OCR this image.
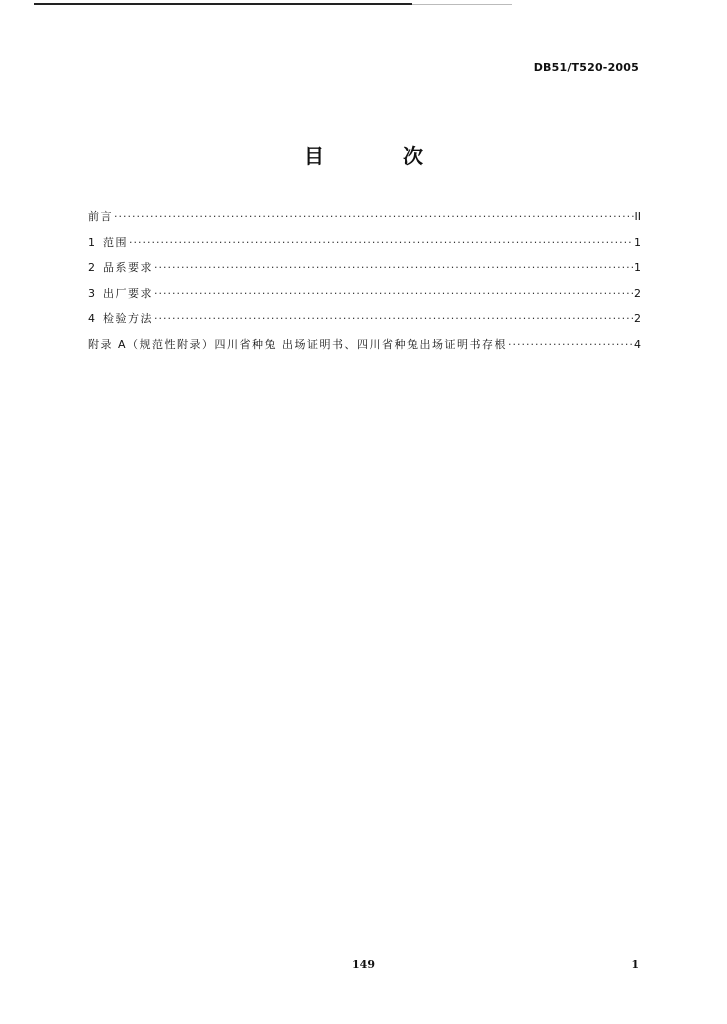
DB51/T520-2005
目 次
前言 ·····	II
1 范围 ·····	1
2 品系要求 ·····	1
3 出厂要求 ·····	2
4 检验方法 ·····	2
附录 A（规范性附录）四川省种兔 出场证明书、四川省种兔出场证明书存根 ·····	4
149	1
